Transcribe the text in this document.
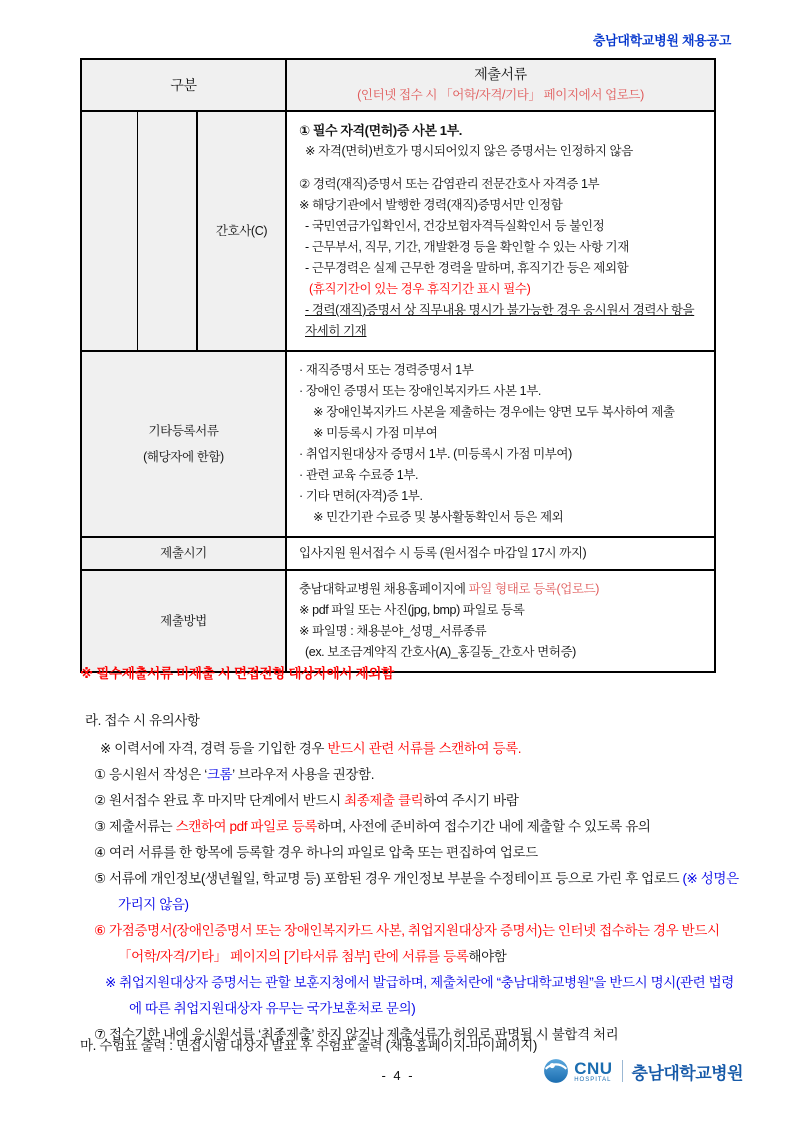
충남대학교병원 채용공고
구분
제출서류
(인터넷 접수 시 「어학/자격/기타」 페이지에서 업로드)
간호사(C)
① 필수 자격(면허)증 사본 1부.
※ 자격(면허)번호가 명시되어있지 않은 증명서는 인정하지 않음
② 경력(재직)증명서 또는 감염관리 전문간호사 자격증 1부
※ 해당기관에서 발행한 경력(재직)증명서만 인정함
- 국민연금가입확인서, 건강보험자격득실확인서 등 불인정
- 근무부서, 직무, 기간, 개발환경 등을 확인할 수 있는 사항 기재
- 근무경력은 실제 근무한 경력을 말하며, 휴직기간 등은 제외함
(휴직기간이 있는 경우 휴직기간 표시 필수)
- 경력(재직)증명서 상 직무내용 명시가 불가능한 경우 응시원서 경력사 항을 자세히 기재
기타등록서류
(해당자에 한함)
· 재직증명서 또는 경력증명서 1부
· 장애인 증명서 또는 장애인복지카드 사본 1부.
※ 장애인복지카드 사본을 제출하는 경우에는 양면 모두 복사하여 제출
※ 미등록시 가점 미부여
· 취업지원대상자 증명서 1부. (미등록시 가점 미부여)
· 관련 교육 수료증 1부.
· 기타 면허(자격)증 1부.
※ 민간기관 수료증 및 봉사활동확인서 등은 제외
제출시기	입사지원 원서접수 시 등록 (원서접수 마감일 17시 까지)
제출방법
충남대학교병원 채용홈페이지에 파일 형태로 등록(업로드)
※ pdf 파일 또는 사진(jpg, bmp) 파일로 등록
※ 파일명 : 채용분야_성명_서류종류
(ex. 보조금계약직 간호사(A)_홍길동_간호사 면허증)
※ 필수제출서류 미제출 시 면접전형 대상자에서 제외함
라. 접수 시 유의사항
※ 이력서에 자격, 경력 등을 기입한 경우 반드시 관련 서류를 스캔하여 등록.
① 응시원서 작성은 ‘크롬’ 브라우저 사용을 권장함.
② 원서접수 완료 후 마지막 단계에서 반드시 최종제출 클릭하여 주시기 바람
③ 제출서류는 스캔하여 pdf 파일로 등록하며, 사전에 준비하여 접수기간 내에 제출할 수 있도록 유의
④ 여러 서류를 한 항목에 등록할 경우 하나의 파일로 압축 또는 편집하여 업로드
⑤ 서류에 개인정보(생년월일, 학교명 등) 포함된 경우 개인정보 부분을 수정테이프 등으로 가린 후 업로드 (※ 성명은 가리지 않음)
⑥ 가점증명서(장애인증명서 또는 장애인복지카드 사본, 취업지원대상자 증명서)는 인터넷 접수하는 경우 반드시 「어학/자격/기타」 페이지의 [기타서류 첨부] 란에 서류를 등록해야함
※ 취업지원대상자 증명서는 관할 보훈지청에서 발급하며, 제출처란에 “충남대학교병원”을 반드시 명시(관련 법령에 따른 취업지원대상자 유무는 국가보훈처로 문의)
⑦ 접수기한 내에 응시원서를 ‘최종제출’ 하지 않거나 제출서류가 허위로 판명될 시 불합격 처리
마. 수험표 출력 : 면접시험 대상자 발표 후 수험표 출력 (채용홈페이지-마이페이지)
- 4 -	CNU
HOSPITAL 충남대학교병원
